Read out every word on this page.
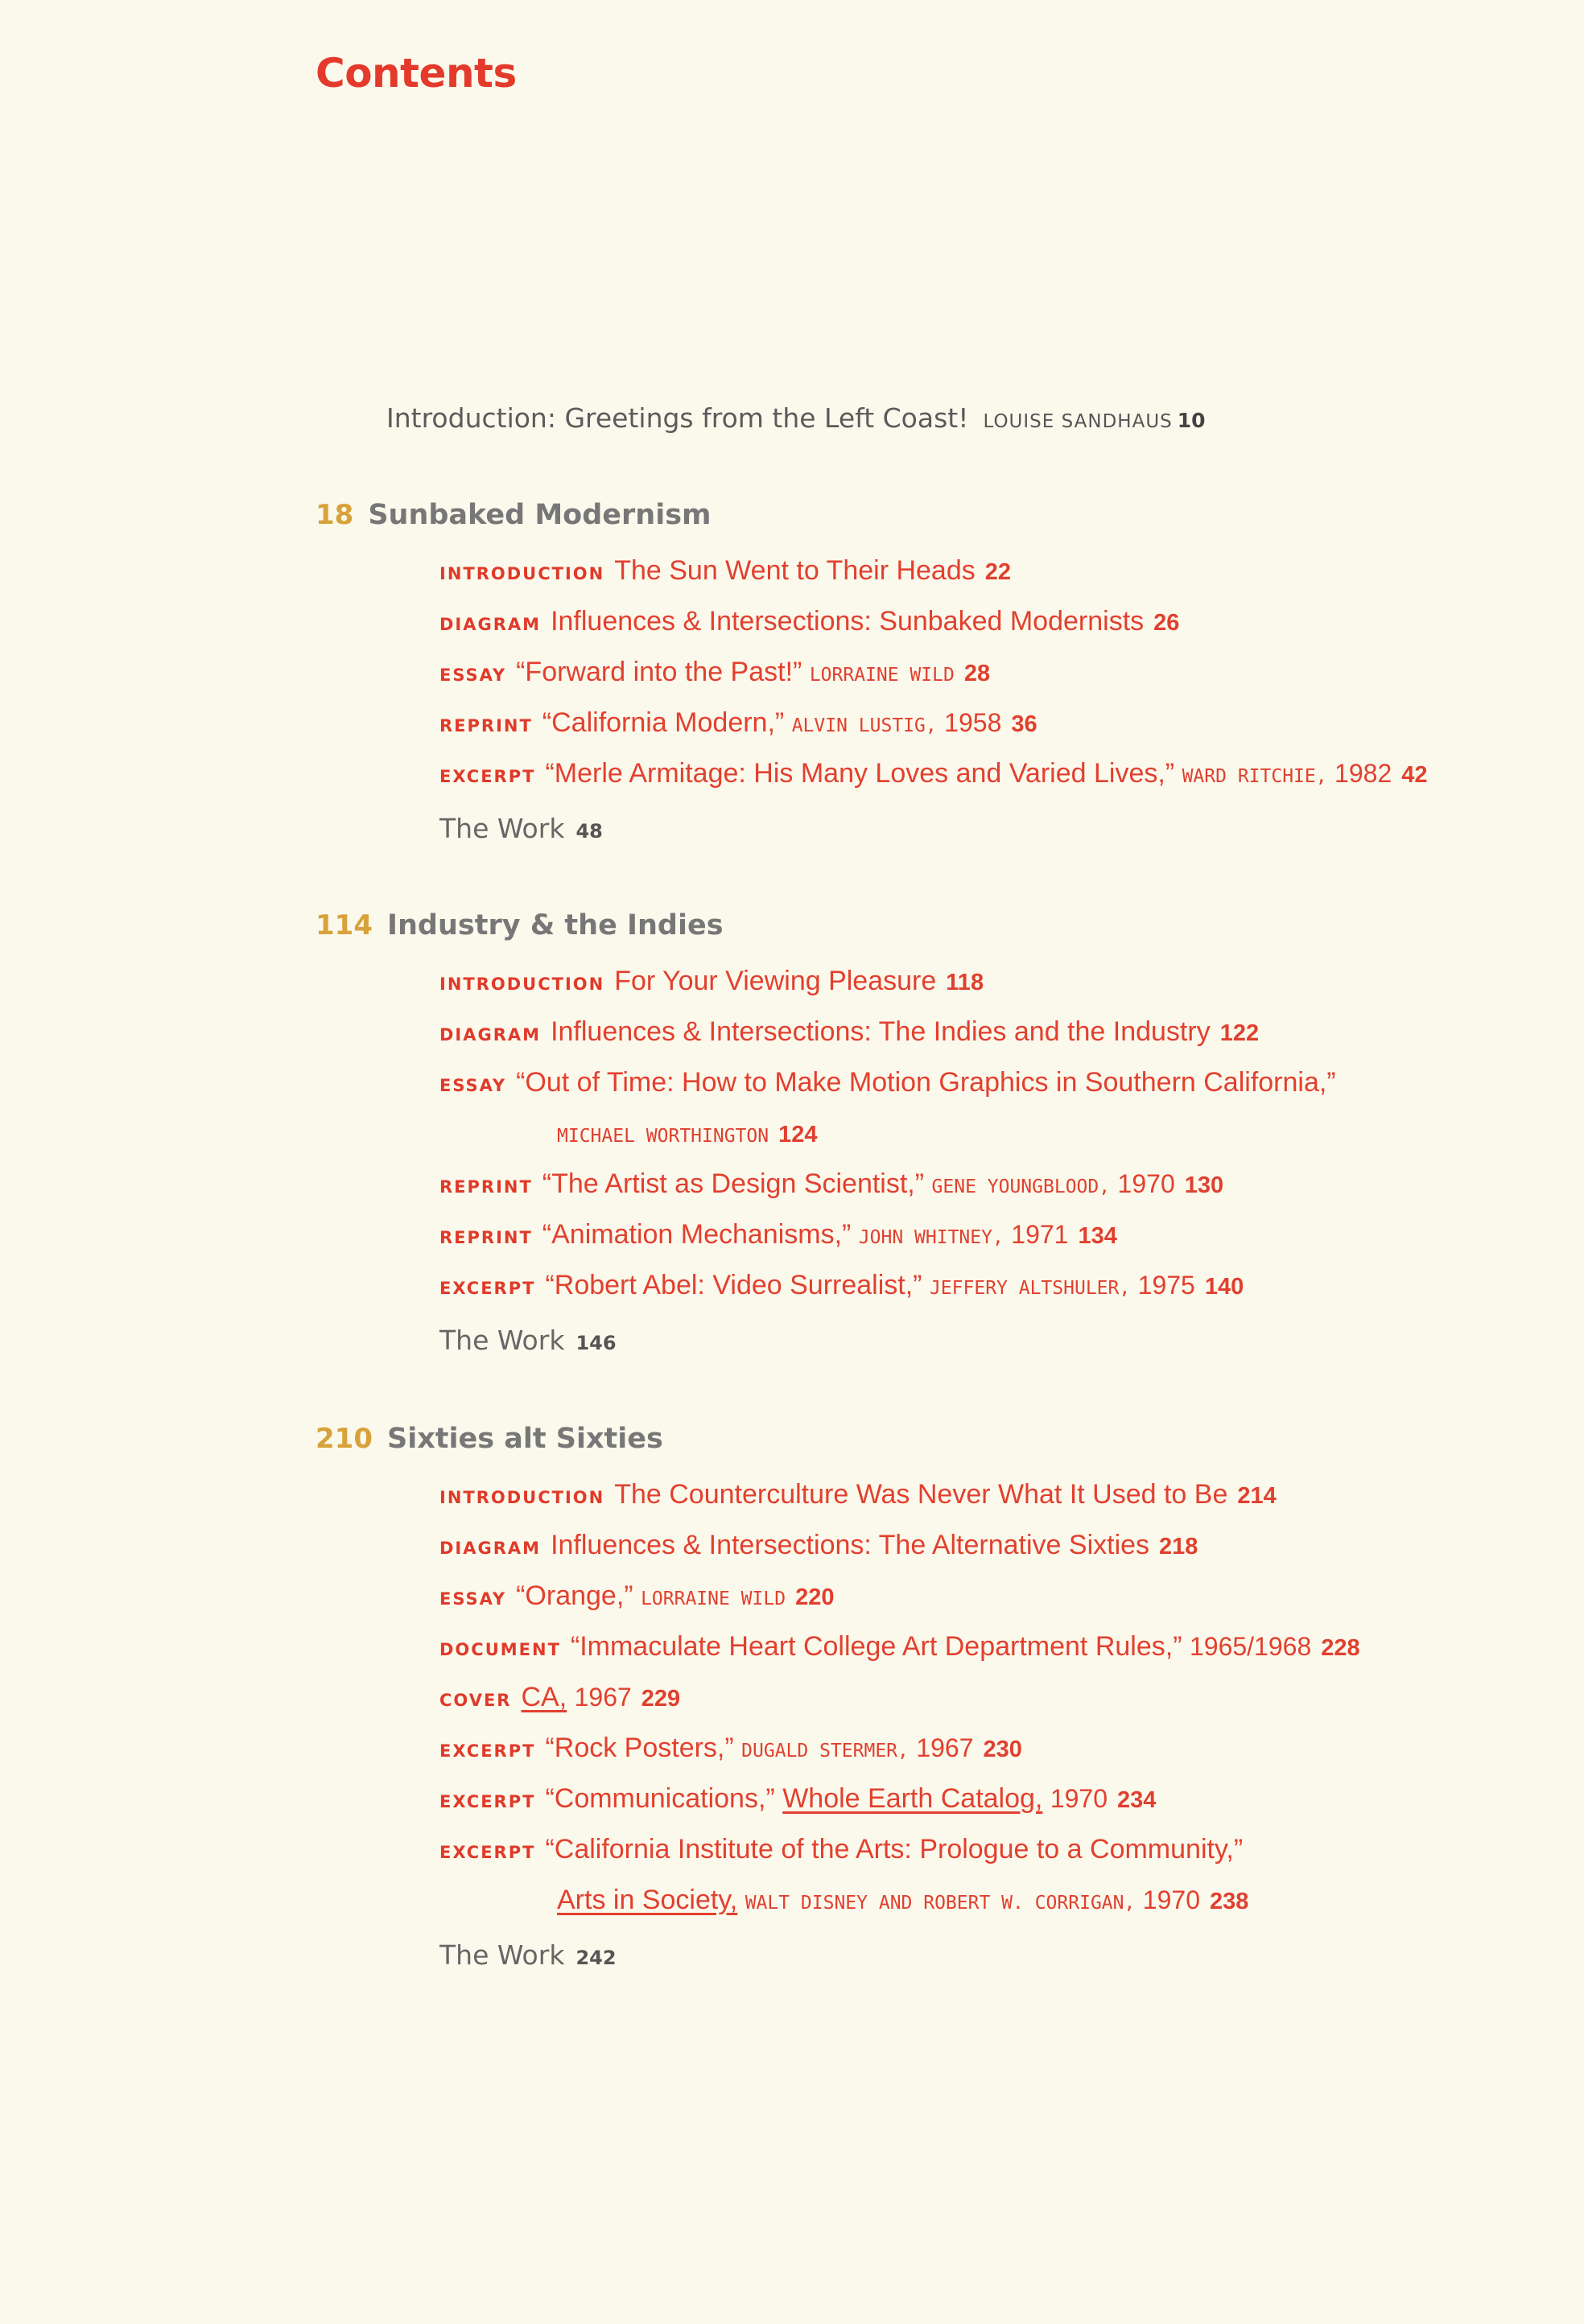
Contents
Introduction: Greetings from the Left Coast! LOUISE SANDHAUS 10
18 Sunbaked Modernism
INTRODUCTION The Sun Went to Their Heads 22
DIAGRAM Influences & Intersections: Sunbaked Modernists 26
ESSAY “Forward into the Past!” LORRAINE WILD 28
REPRINT “California Modern,” ALVIN LUSTIG, 1958 36
EXCERPT “Merle Armitage: His Many Loves and Varied Lives,” WARD RITCHIE, 1982 42
The Work 48
114 Industry & the Indies
INTRODUCTION For Your Viewing Pleasure 118
DIAGRAM Influences & Intersections: The Indies and the Industry 122
ESSAY “Out of Time: How to Make Motion Graphics in Southern California,”
MICHAEL WORTHINGTON 124
REPRINT “The Artist as Design Scientist,” GENE YOUNGBLOOD, 1970 130
REPRINT “Animation Mechanisms,” JOHN WHITNEY, 1971 134
EXCERPT “Robert Abel: Video Surrealist,” JEFFERY ALTSHULER, 1975 140
The Work 146
210 Sixties alt Sixties
INTRODUCTION The Counterculture Was Never What It Used to Be 214
DIAGRAM Influences & Intersections: The Alternative Sixties 218
ESSAY “Orange,” LORRAINE WILD 220
DOCUMENT “Immaculate Heart College Art Department Rules,” 1965/1968 228
COVER CA, 1967 229
EXCERPT “Rock Posters,” DUGALD STERMER, 1967 230
EXCERPT “Communications,” Whole Earth Catalog, 1970 234
EXCERPT “California Institute of the Arts: Prologue to a Community,”
Arts in Society, WALT DISNEY AND ROBERT W. CORRIGAN, 1970 238
The Work 242
